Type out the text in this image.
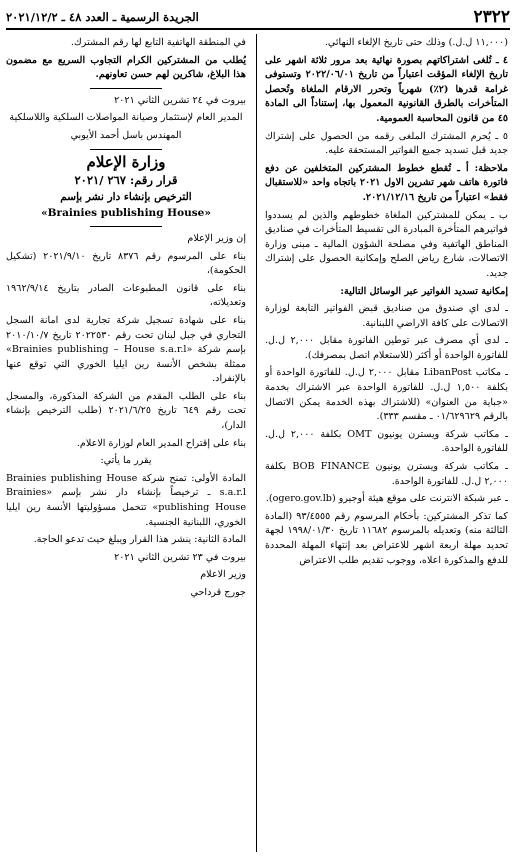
٢٣٢٢
الجريدة الرسمية ـ العدد ٤٨ ـ ٢٠٢١/١٢/٢

(١١,٠٠٠ ل.ل.) وذلك حتى تاريخ الإلغاء النهائي.

٤ ـ تُلغى اشتراكاتهم بصورة نهائية بعد مرور ثلاثة اشهر على تاريخ الإلغاء المؤقت اعتباراً من تاريخ ٢٠٢٢/٠٦/٠١ وتستوفى غرامة قدرها (٢٪) شهرياً وتحرر الارقام الملغاة وتُحصل المتأخرات بالطرق القانونية المعمول بها، إستناداً الى المادة ٤٥ من قانون المحاسبة العمومية.

٥ ـ يُحرم المشترك الملغى رقمه من الحصول على إشتراك جديد قبل تسديد جميع الفواتير المستحقة عليه.

ملاحظة: أ ـ تُقطع خطوط المشتركين المتخلفين عن دفع فاتورة هاتف شهر تشرين الاول ٢٠٢١ باتجاه واحد «للاستقبال فقط» اعتباراً من تاريخ ٢٠٢١/١٢/١٦.

ب ـ يمكن للمشتركين الملغاة خطوطهم والذين لم يسددوا فواتيرهم المتأخرة المبادرة الى تقسيط المتأخرات في صناديق المناطق الهاتفية وفي مصلحة الشؤون المالية ـ مبنى وزارة الاتصالات، شارع رياض الصلح وإمكانية الحصول على إشتراك جديد.

إمكانية تسديد الفواتير عبر الوسائل التالية:

ـ لدى اي صندوق من صناديق قبض الفواتير التابعة لوزارة الاتصالات على كافة الاراضي اللبنانية.

ـ لدى أي مصرف عبر توطين الفاتورة مقابل ٢,٠٠٠ ل.ل. للفاتورة الواحدة أو أكثر (للاستعلام اتصل بمصرفك).

ـ مكاتب LibanPost مقابل ٢,٠٠٠ ل.ل. للفاتورة الواحدة أو بكلفة ١,٥٠٠ ل.ل. للفاتورة الواحدة عبر الاشتراك بخدمة «جباية من العنوان» (للاشتراك بهذه الخدمة يمكن الاتصال بالرقم ٠١/٦٢٩٦٢٩ ـ مقسم ٣٣٣).

ـ مكاتب شركة ويسترن يونيون OMT بكلفة ٢,٠٠٠ ل.ل. للفاتورة الواحدة.

ـ مكاتب شركة ويسترن يونيون BOB FINANCE بكلفة ٢,٠٠٠ ل.ل. للفاتورة الواحدة.

ـ عبر شبكة الانترنت على موقع هيئة أوجيرو (ogero.gov.lb).

كما تذكر المشتركين: بأحكام المرسوم رقم ٩٣/٤٥٥٥ (المادة الثالثة منه) وتعديله بالمرسوم ١١٦٨٢ تاريخ ١٩٩٨/٠١/٣٠ لجهة تحديد مهلة اربعة اشهر للاعتراض بعد إنتهاء المهلة المحددة للدفع والمذكورة اعلاه، ووجوب تقديم طلب الاعتراض

في المنطقة الهاتفية التابع لها رقم المشترك.

يُطلب من المشتركين الكرام التجاوب السريع مع مضمون هذا البلاغ، شاكرين لهم حسن تعاونهم.

بيروت في ٢٤ تشرين الثاني ٢٠٢١

المدير العام لإستثمار وصيانة المواصلات السلكية واللاسلكية

المهندس باسل أحمد الأيوبي

وزارة الإعلام
قرار رقم: ٢٦٧ /٢٠٢١
الترخيص بإنشاء دار نشر بإسم
«Brainies publishing House»

إن وزير الإعلام

بناء على المرسوم رقم ٨٣٧٦ تاريخ ٢٠٢١/٩/١٠ (تشكيل الحكومة)،

بناء على قانون المطبوعات الصادر بتاريخ ١٩٦٢/٩/١٤ وتعديلاته،

بناء على شهادة تسجيل شركة تجارية لدى امانة السجل التجاري في جبل لبنان تحت رقم ٢٠٢٢٥٣٠ تاريخ ٢٠١٠/١٠/٧ بإسم شركة «Brainies publishing – House s.a.r.l» ممثلة بشخص الأنسة رين ايليا الخوري التي توقع عنها بالإنفراد.

بناء على الطلب المقدم من الشركة المذكورة، والمسجل تحت رقم ٦٤٩ تاريخ ٢٠٢١/٦/٢٥ (طلب الترخيص بإنشاء الدار)،

بناء على إقتراح المدير العام لوزارة الاعلام.

يقرر ما يأتي:

المادة الأولى: تمنح شركة Brainies publishing House s.a.r.l ـ ترخيصاً بإنشاء دار نشر بإسم «Brainies publishing House» تتحمل مسؤوليتها الأنسة رين ايليا الخوري، اللبنانية الجنسية.

المادة الثانية: ينشر هذا القرار ويبلغ حيث تدعو الحاجة.

بيروت في ٢٣ تشرين الثاني ٢٠٢١

وزير الاعلام

جورج قرداحي
